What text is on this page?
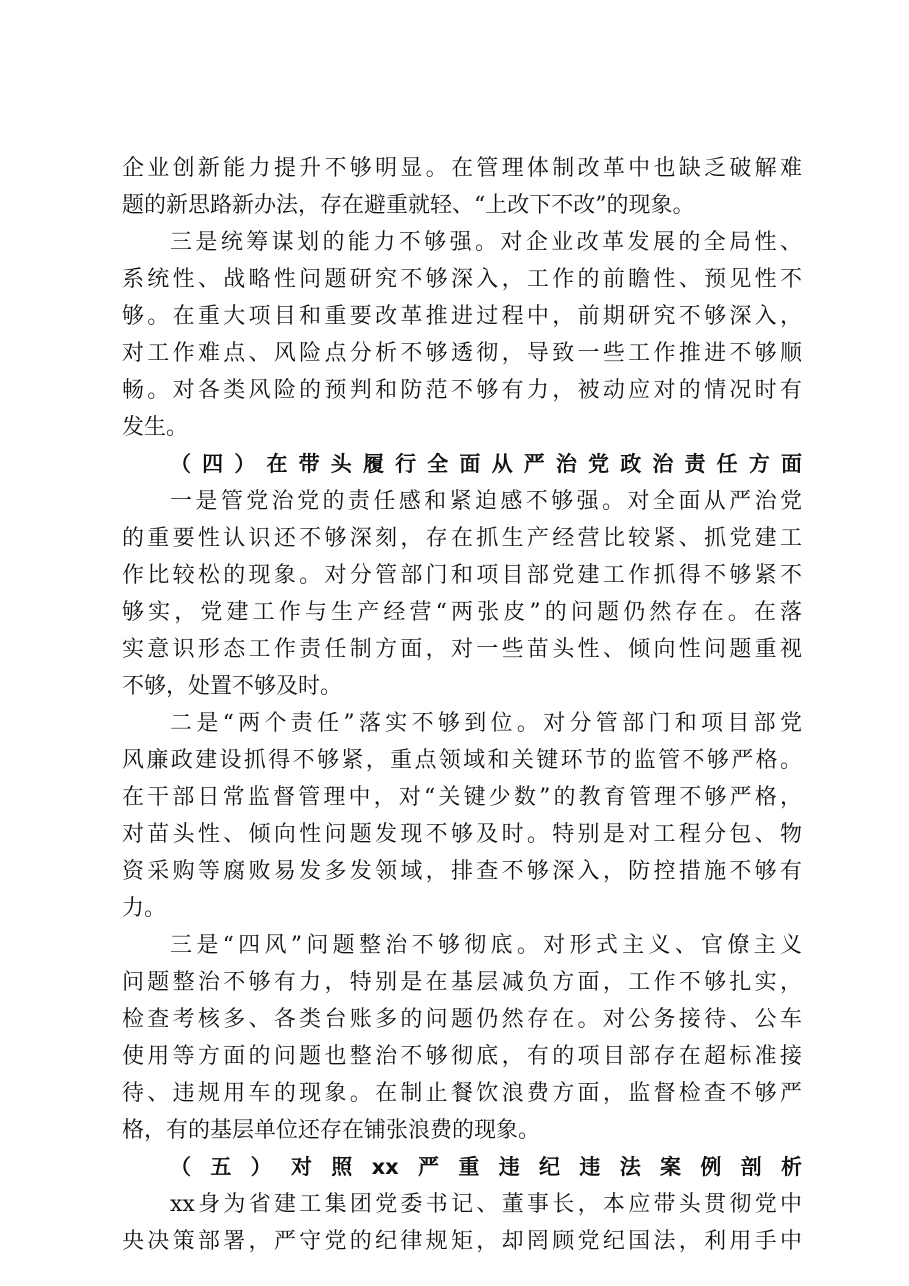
企业创新能力提升不够明显。在管理体制改革中也缺乏破解难
题的新思路新办法，存在避重就轻、“上改下不改”的现象。
三是统筹谋划的能力不够强。对企业改革发展的全局性、
系统性、战略性问题研究不够深入，工作的前瞻性、预见性不
够。在重大项目和重要改革推进过程中，前期研究不够深入，
对工作难点、风险点分析不够透彻，导致一些工作推进不够顺
畅。对各类风险的预判和防范不够有力，被动应对的情况时有
发生。
（四）在带头履行全面从严治党政治责任方面
一是管党治党的责任感和紧迫感不够强。对全面从严治党
的重要性认识还不够深刻，存在抓生产经营比较紧、抓党建工
作比较松的现象。对分管部门和项目部党建工作抓得不够紧不
够实，党建工作与生产经营“两张皮”的问题仍然存在。在落
实意识形态工作责任制方面，对一些苗头性、倾向性问题重视
不够，处置不够及时。
二是“两个责任”落实不够到位。对分管部门和项目部党
风廉政建设抓得不够紧，重点领域和关键环节的监管不够严格。
在干部日常监督管理中，对“关键少数”的教育管理不够严格，
对苗头性、倾向性问题发现不够及时。特别是对工程分包、物
资采购等腐败易发多发领域，排查不够深入，防控措施不够有
力。
三是“四风”问题整治不够彻底。对形式主义、官僚主义
问题整治不够有力，特别是在基层减负方面，工作不够扎实，
检查考核多、各类台账多的问题仍然存在。对公务接待、公车
使用等方面的问题也整治不够彻底，有的项目部存在超标准接
待、违规用车的现象。在制止餐饮浪费方面，监督检查不够严
格，有的基层单位还存在铺张浪费的现象。
（五）对照xx严重违纪违法案例剖析
xx身为省建工集团党委书记、董事长，本应带头贯彻党中
央决策部署，严守党的纪律规矩，却罔顾党纪国法，利用手中
